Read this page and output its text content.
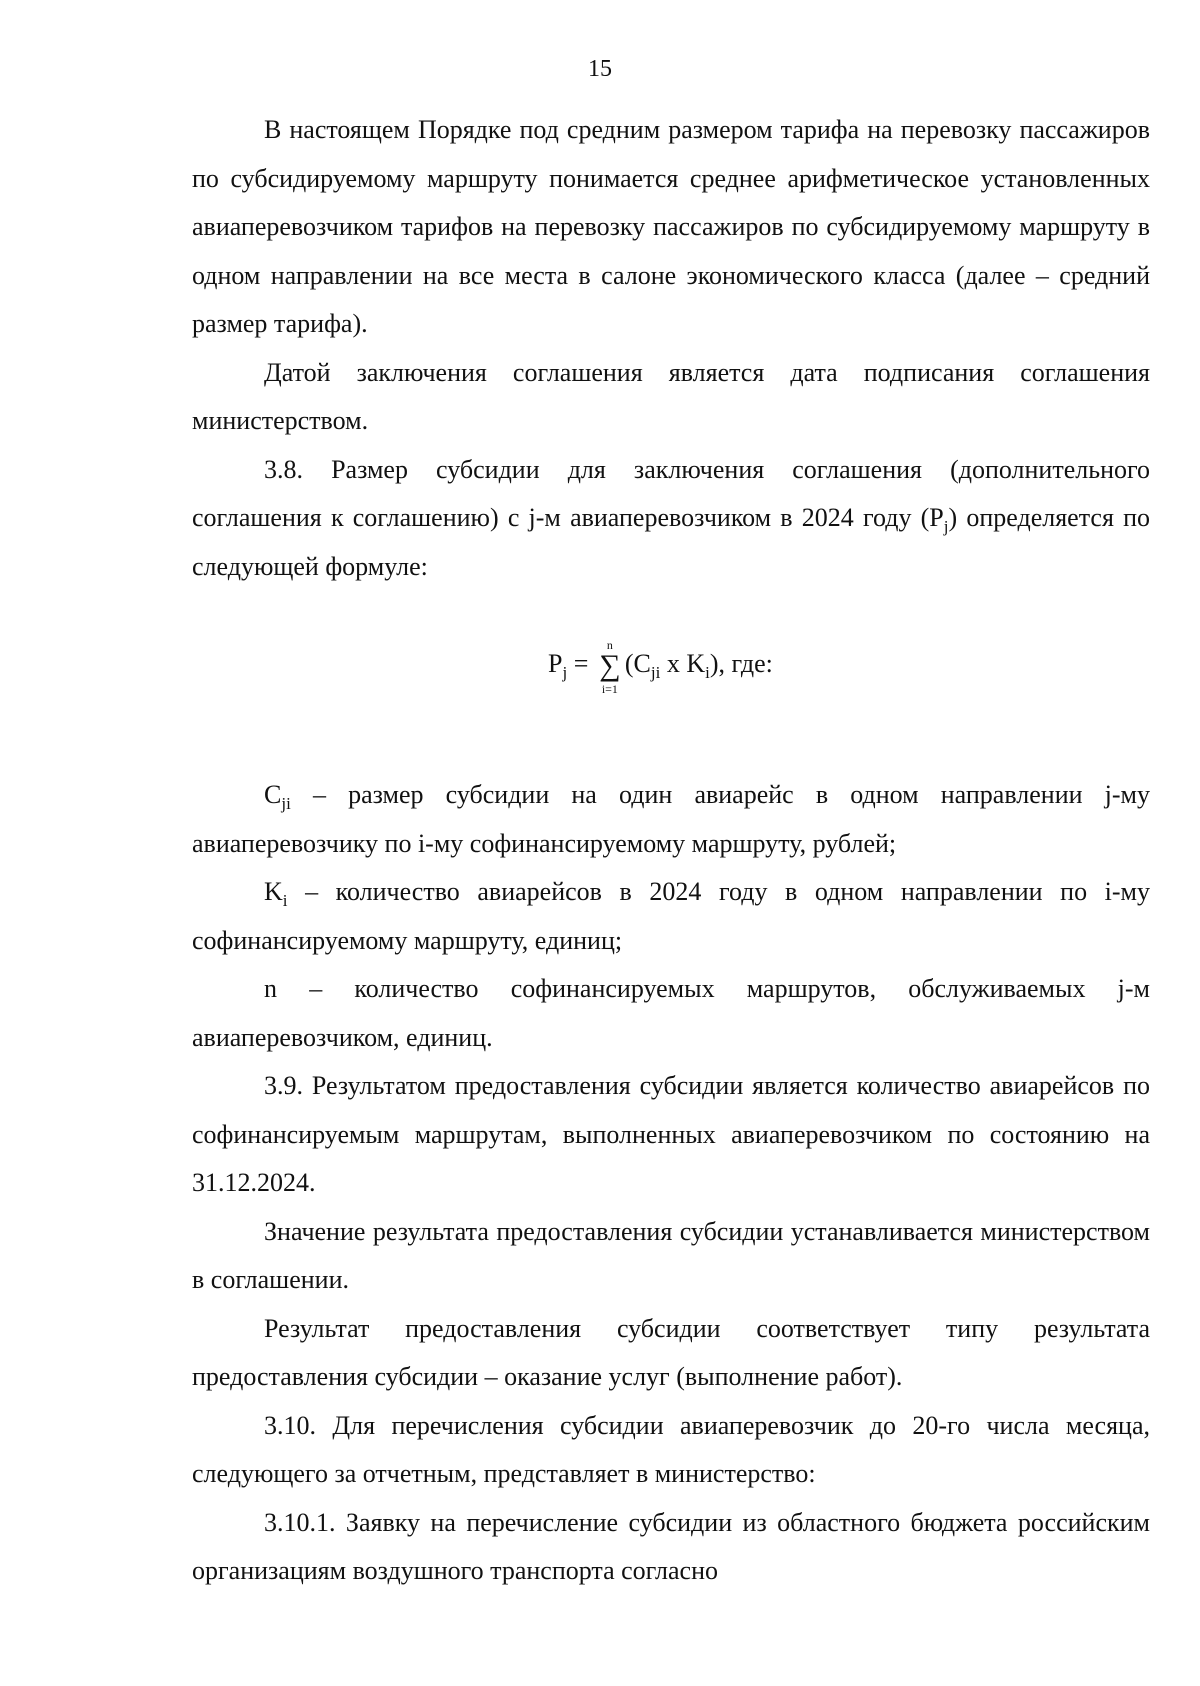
15

В настоящем Порядке под средним размером тарифа на перевозку пассажиров по субсидируемому маршруту понимается среднее арифметическое установленных авиаперевозчиком тарифов на перевозку пассажиров по субсидируемому маршруту в одном направлении на все места в салоне экономического класса (далее – средний размер тарифа).

Датой заключения соглашения является дата подписания соглашения министерством.

3.8. Размер субсидии для заключения соглашения (дополнительного соглашения к соглашению) с j-м авиаперевозчиком в 2024 году $(P_j)$ определяется по следующей формуле:

$P_j$ =
n
∑
i=1
($C_{ji}$ x $K_i$), где:

$C_{ji}$ – размер субсидии на один авиарейс в одном направлении j-му авиаперевозчику по i-му софинансируемому маршруту, рублей;

$K_i$ – количество авиарейсов в 2024 году в одном направлении по i-му софинансируемому маршруту, единиц;

n – количество софинансируемых маршрутов, обслуживаемых j-м авиаперевозчиком, единиц.

3.9. Результатом предоставления субсидии является количество авиарейсов по софинансируемым маршрутам, выполненных авиаперевозчиком по состоянию на 31.12.2024.

Значение результата предоставления субсидии устанавливается министерством в соглашении.

Результат предоставления субсидии соответствует типу результата предоставления субсидии – оказание услуг (выполнение работ).

3.10. Для перечисления субсидии авиаперевозчик до 20-го числа месяца, следующего за отчетным, представляет в министерство:

3.10.1. Заявку на перечисление субсидии из областного бюджета российским организациям воздушного транспорта согласно
